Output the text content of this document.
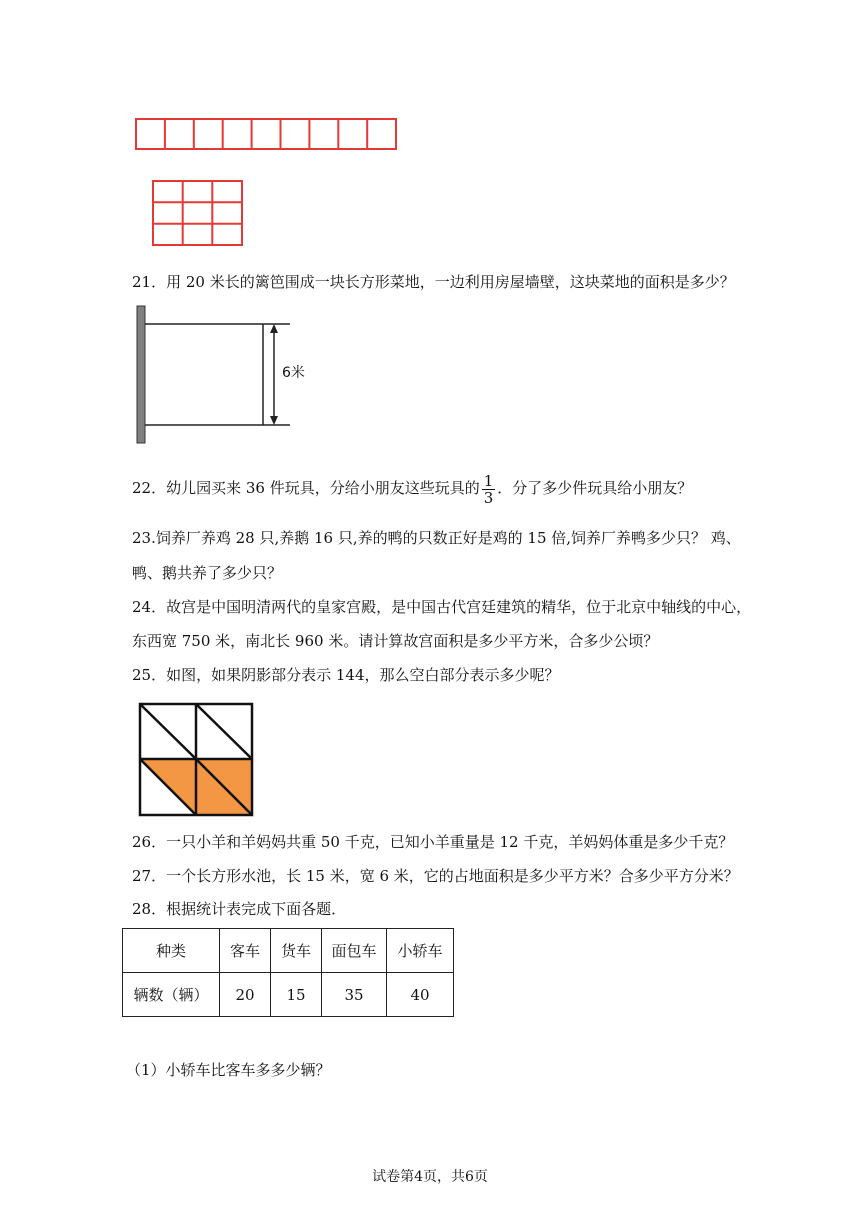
21．用 20 米长的篱笆围成一块长方形菜地，一边利用房屋墙壁，这块菜地的面积是多少？
6米
22．幼儿园买来 36 件玩具，分给小朋友这些玩具的 $\frac{1}{3}$ ．分了多少件玩具给小朋友？
23.饲养厂养鸡 28 只,养鹅 16 只,养的鸭的只数正好是鸡的 15 倍,饲养厂养鸭多少只？ 鸡、
鸭、鹅共养了多少只？
24．故宫是中国明清两代的皇家宫殿，是中国古代宫廷建筑的精华，位于北京中轴线的中心，
东西宽 750 米，南北长 960 米。请计算故宫面积是多少平方米，合多少公顷？
25．如图，如果阴影部分表示 144，那么空白部分表示多少呢？
26．一只小羊和羊妈妈共重 50 千克，已知小羊重量是 12 千克，羊妈妈体重是多少千克？
27．一个长方形水池，长 15 米，宽 6 米，它的占地面积是多少平方米？合多少平方分米？
28．根据统计表完成下面各题．
种类	客车	货车	面包车	小轿车
辆数（辆）	20	15	35	40
（1）小轿车比客车多多少辆？
试卷第4页，共6页
